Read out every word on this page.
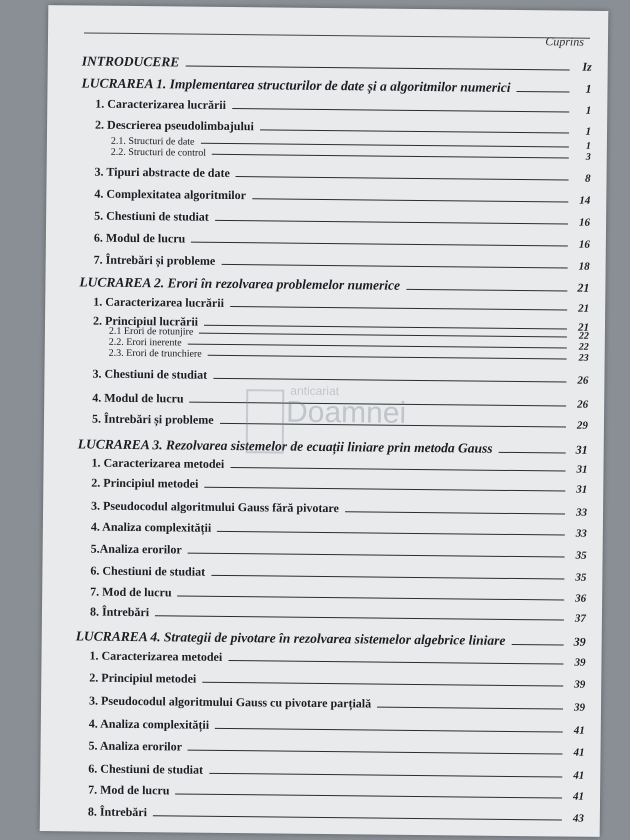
Cuprins
INTRODUCERE	Iz
LUCRAREA 1. Implementarea structurilor de date și a algoritmilor numerici	1
1. Caracterizarea lucrării	1
2. Descrierea pseudolimbajului	1
2.1. Structuri de date	1
2.2. Structuri de control	3
3. Tipuri abstracte de date	8
4. Complexitatea algoritmilor	14
5. Chestiuni de studiat	16
6. Modul de lucru	16
7. Întrebări și probleme	18
LUCRAREA 2. Erori în rezolvarea problemelor numerice	21
1. Caracterizarea lucrării	21
2. Principiul lucrării	21
2.1 Erori de rotunjire	22
2.2. Erori inerente	22
2.3. Erori de trunchiere	23
3. Chestiuni de studiat	26
4. Modul de lucru	26
5. Întrebări și probleme	29
LUCRAREA 3. Rezolvarea sistemelor de ecuații liniare prin metoda Gauss	31
1. Caracterizarea metodei	31
2. Principiul metodei	31
3. Pseudocodul algoritmului Gauss fără pivotare	33
4. Analiza complexității	33
5.Analiza erorilor	35
6. Chestiuni de studiat	35
7. Mod de lucru	36
8. Întrebări	37
LUCRAREA 4. Strategii de pivotare în rezolvarea sistemelor algebrice liniare	39
1. Caracterizarea metodei	39
2. Principiul metodei	39
3. Pseudocodul algoritmului Gauss cu pivotare parțială	39
4. Analiza complexității	41
5. Analiza erorilor	41
6. Chestiuni de studiat	41
7. Mod de lucru	41
8. Întrebări	43
anticariat
Doamnei
